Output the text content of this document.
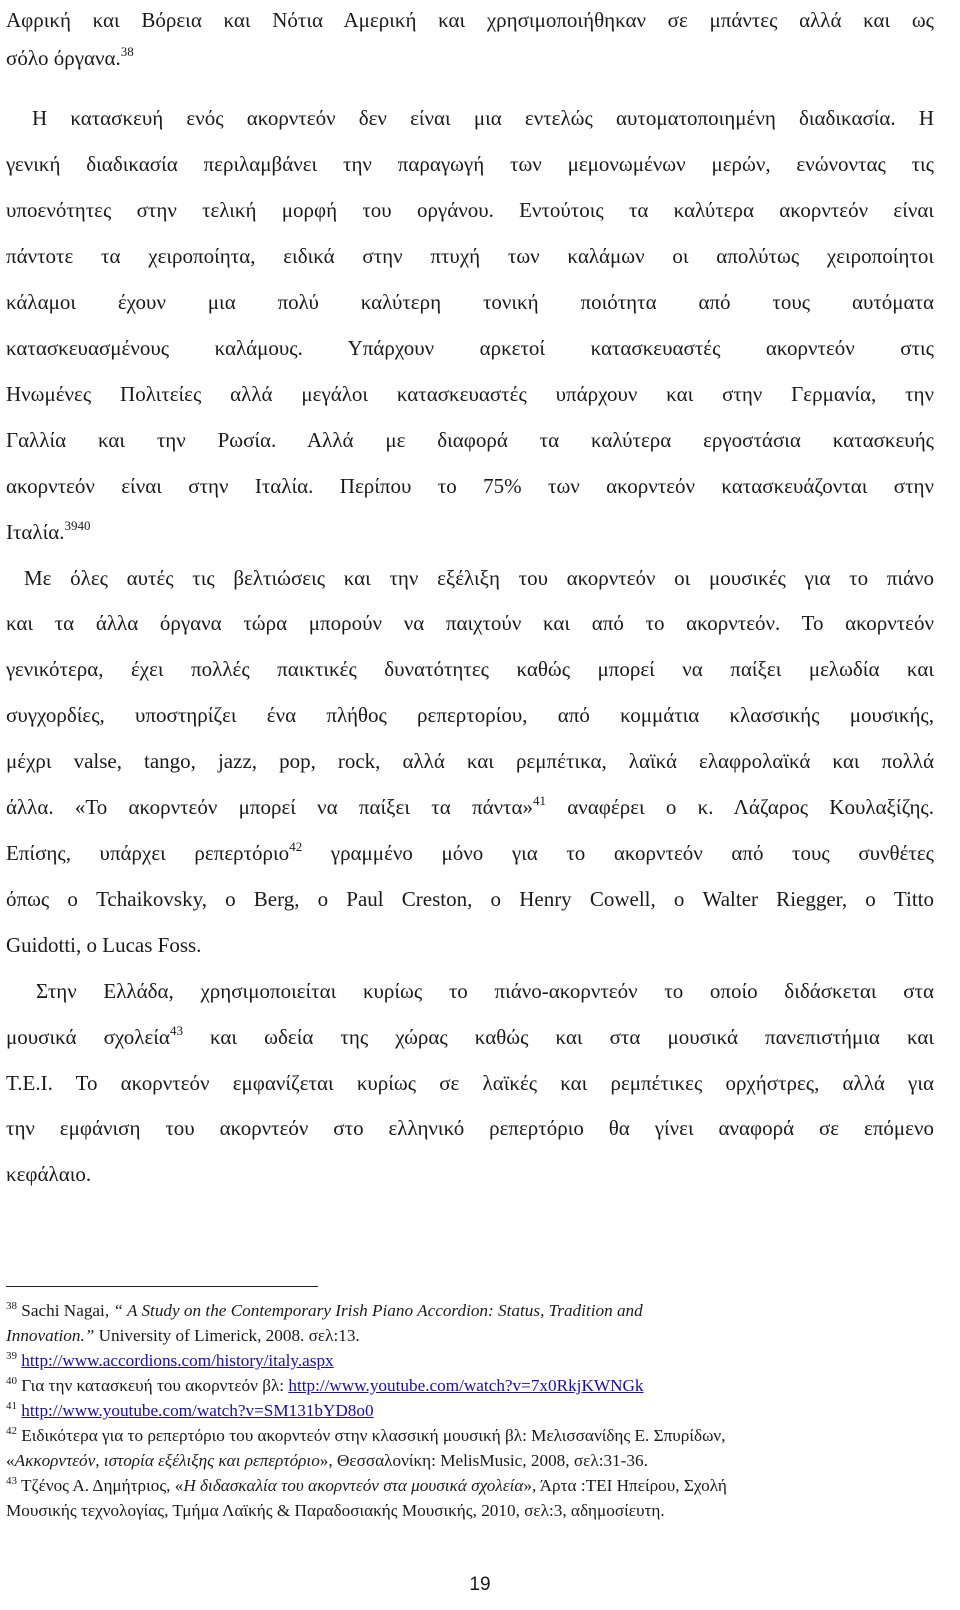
Αφρική και Βόρεια και Νότια Αμερική και χρησιμοποιήθηκαν σε μπάντες αλλά και ως
σόλο όργανα.$^{38}$
Η κατασκευή ενός ακορντεόν δεν είναι μια εντελώς αυτοματοποιημένη διαδικασία. Η
γενική διαδικασία περιλαμβάνει την παραγωγή των μεμονωμένων μερών, ενώνοντας τις
υποενότητες στην τελική μορφή του οργάνου. Εντούτοις τα καλύτερα ακορντεόν είναι
πάντοτε τα χειροποίητα, ειδικά στην πτυχή των καλάμων οι απολύτως χειροποίητοι
κάλαμοι έχουν μια πολύ καλύτερη τονική ποιότητα από τους αυτόματα
κατασκευασμένους καλάμους. Υπάρχουν αρκετοί κατασκευαστές ακορντεόν στις
Ηνωμένες Πολιτείες αλλά μεγάλοι κατασκευαστές υπάρχουν και στην Γερμανία, την
Γαλλία και την Ρωσία. Αλλά με διαφορά τα καλύτερα εργοστάσια κατασκευής
ακορντεόν είναι στην Ιταλία. Περίπου το 75% των ακορντεόν κατασκευάζονται στην
Ιταλία.$^{3940}$
Με όλες αυτές τις βελτιώσεις και την εξέλιξη του ακορντεόν οι μουσικές για το πιάνο
και τα άλλα όργανα τώρα μπορούν να παιχτούν και από το ακορντεόν. Το ακορντεόν
γενικότερα, έχει πολλές παικτικές δυνατότητες καθώς μπορεί να παίξει μελωδία και
συγχορδίες, υποστηρίζει ένα πλήθος ρεπερτορίου, από κομμάτια κλασσικής μουσικής,
μέχρι valse, tango, jazz, pop, rock, αλλά και ρεμπέτικα, λαϊκά ελαφρολαϊκά και πολλά
άλλα. «Το ακορντεόν μπορεί να παίξει τα πάντα»$^{41}$ αναφέρει ο κ. Λάζαρος Κουλαξίζης.
Επίσης, υπάρχει ρεπερτόριο$^{42}$ γραμμένο μόνο για το ακορντεόν από τους συνθέτες
όπως ο Tchaikovsky, ο Berg, ο Paul Creston, ο Henry Cowell, ο Walter Riegger, ο Titto
Guidotti, ο Lucas Foss.
Στην Ελλάδα, χρησιμοποιείται κυρίως το πιάνο-ακορντεόν το οποίο διδάσκεται στα
μουσικά σχολεία$^{43}$ και ωδεία της χώρας καθώς και στα μουσικά πανεπιστήμια και
Τ.Ε.Ι. Το ακορντεόν εμφανίζεται κυρίως σε λαϊκές και ρεμπέτικες ορχήστρες, αλλά για
την εμφάνιση του ακορντεόν στο ελληνικό ρεπερτόριο θα γίνει αναφορά σε επόμενο
κεφάλαιο.
$^{38}$ Sachi Nagai, “ A Study on the Contemporary Irish Piano Accordion: Status, Tradition and
Innovation.” University of Limerick, 2008. σελ:13.
$^{39}$ http://www.accordions.com/history/italy.aspx
$^{40}$ Για την κατασκευή του ακορντεόν βλ: http://www.youtube.com/watch?v=7x0RkjKWNGk
$^{41}$ http://www.youtube.com/watch?v=SM131bYD8o0
$^{42}$ Ειδικότερα για το ρεπερτόριο του ακορντεόν στην κλασσική μουσική βλ: Μελισσανίδης Ε. Σπυρίδων,
«Ακκορντεόν, ιστορία εξέλιξης και ρεπερτόριο», Θεσσαλονίκη: MelisMusic, 2008, σελ:31-36.
$^{43}$ Τζένος Α. Δημήτριος, «Η διδασκαλία του ακορντεόν στα μουσικά σχολεία», Άρτα :ΤΕΙ Ηπείρου, Σχολή
Μουσικής τεχνολογίας, Τμήμα Λαϊκής & Παραδοσιακής Μουσικής, 2010, σελ:3, αδημοσίευτη.
19
